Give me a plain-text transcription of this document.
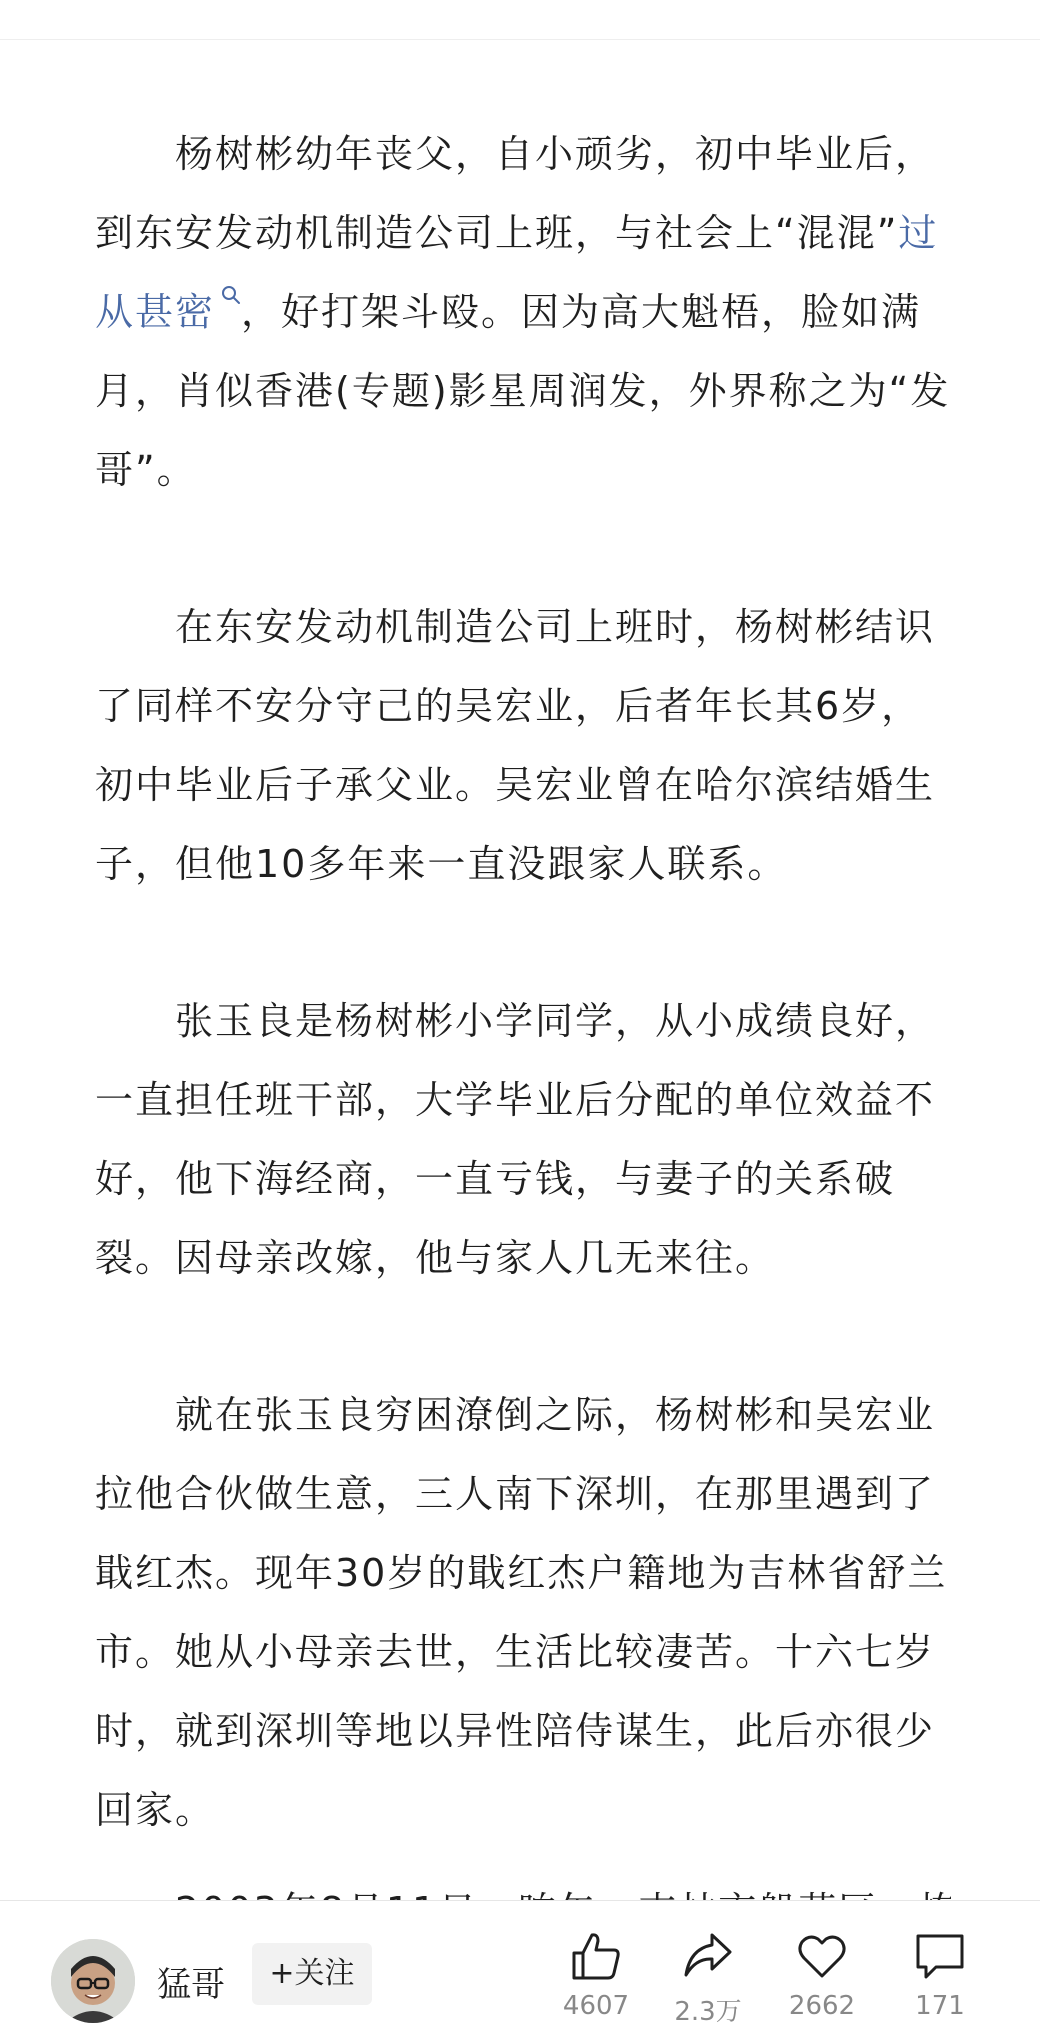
杨树彬幼年丧父，自小顽劣，初中毕业后，到东安发动机制造公司上班，与社会上“混混”过从甚密 ，好打架斗殴。因为高大魁梧，脸如满月，肖似香港(专题)影星周润发，外界称之为“发哥”。

在东安发动机制造公司上班时，杨树彬结识了同样不安分守己的吴宏业，后者年长其6岁，初中毕业后子承父业。吴宏业曾在哈尔滨结婚生子，但他10多年来一直没跟家人联系。

张玉良是杨树彬小学同学，从小成绩良好，一直担任班干部，大学毕业后分配的单位效益不好，他下海经商，一直亏钱，与妻子的关系破裂。因母亲改嫁，他与家人几无来往。

就在张玉良穷困潦倒之际，杨树彬和吴宏业拉他合伙做生意，三人南下深圳，在那里遇到了戢红杰。现年30岁的戢红杰户籍地为吉林省舒兰市。她从小母亲去世，生活比较凄苦。十六七岁时，就到深圳等地以异性陪侍谋生，此后亦很少回家。

猛哥	+关注
4607 2.3万 2662	171
